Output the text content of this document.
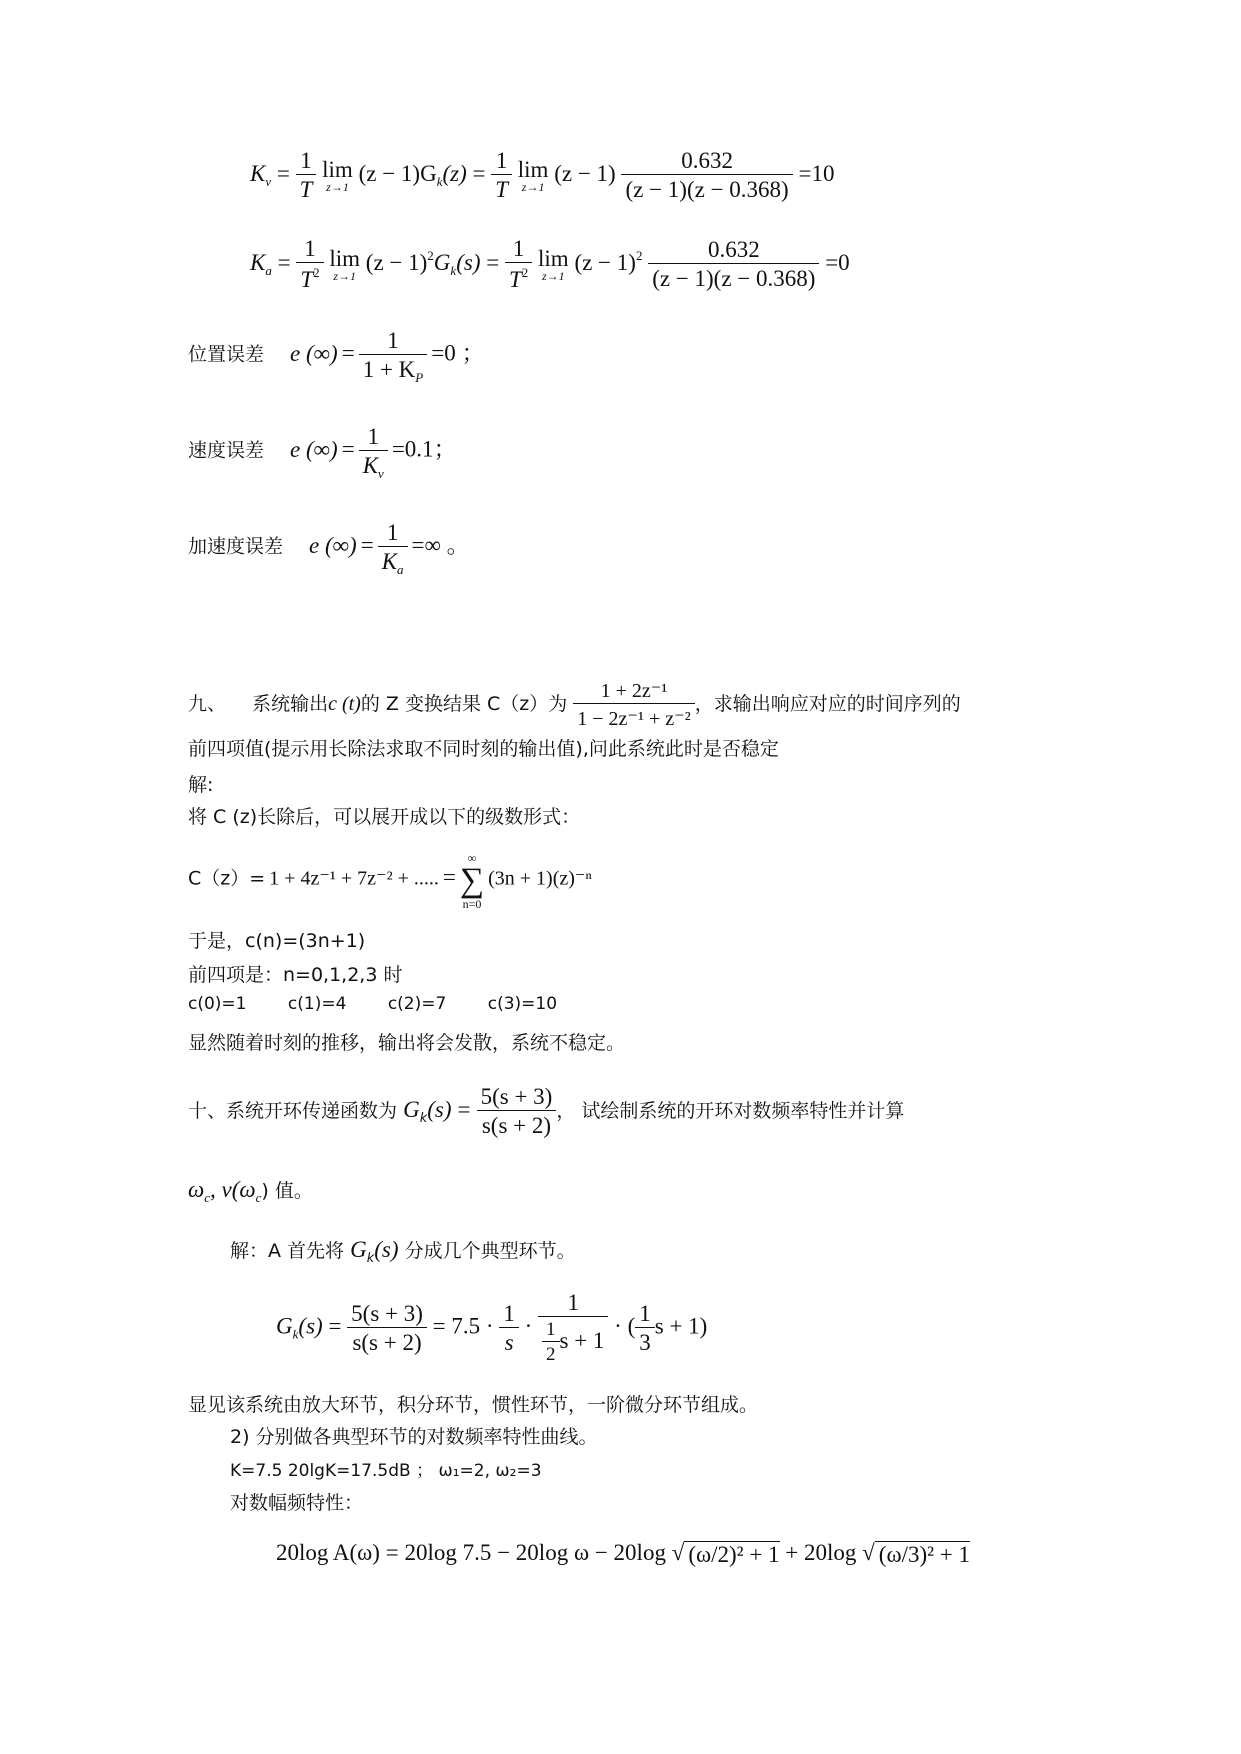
$K_v = \frac{1}{T}$ lim
z→1
$(z - 1)G_k(z) = \frac{1}{T}$ lim
z→1
$(z - 1) \frac{0.632}{(z - 1)(z - 0.368)} =10$
$K_a = \frac{1}{T^2}$ lim
z→1
$(z - 1)^2G_k(s) = \frac{1}{T^2}$ lim
z→1
$(z - 1)^2 \frac{0.632}{(z - 1)(z - 0.368)} =0$
位置误差 e (∞) = $\frac{1}{1 + K_P} =0$ ；
速度误差 e (∞) = $\frac{1}{K_v} =0.1$；
加速度误差 e (∞) = $\frac{1}{K_a}$ =∞ 。
九、 系统输出c (t)的 Z 变换结果 C（z）为 $\frac{\text{1 + 2z⁻¹}}{\text{1 − 2z⁻¹ + z⁻²}}$ ，求输出响应对应的时间序列的
前四项值(提示用长除法求取不同时刻的输出值),问此系统此时是否稳定
解:
将 C (z)长除后，可以展开成以下的级数形式：
C（z）= 1 + 4z⁻¹ + 7z⁻² + ..... =
∞
∑
n=0
(3n + 1)(z)⁻ⁿ
于是，c(n)=(3n+1)
前四项是：n=0,1,2,3 时
c(0)=1 c(1)=4 c(2)=7 c(3)=10
显然随着时刻的推移，输出将会发散，系统不稳定。
十、系统开环传递函数为 $G_k(s) = \frac{5(s + 3)}{s(s + 2)}$ ， 试绘制系统的开环对数频率特性并计算
$\omega_c$, $v(\omega_c)$ 值。
解：A 首先将 $G_k(s)$ 分成几个典型环节。
$G_k(s) = \frac{5(s + 3)}{s(s + 2)} = 7.5 \cdot \frac{1}{s} \cdot \frac{1}{\frac{1}{2} s + 1}$ · ( $\frac{1}{3}$ s + 1)
显见该系统由放大环节，积分环节，惯性环节，一阶微分环节组成。
2) 分别做各典型环节的对数频率特性曲线。
K=7.5 20lgK=17.5dB ； ω₁=2, ω₂=3
对数幅频特性：
20log A(ω) = 20log 7.5 − 20log ω − 20log √ (ω/2)² + 1 + 20log √ (ω/3)² + 1
